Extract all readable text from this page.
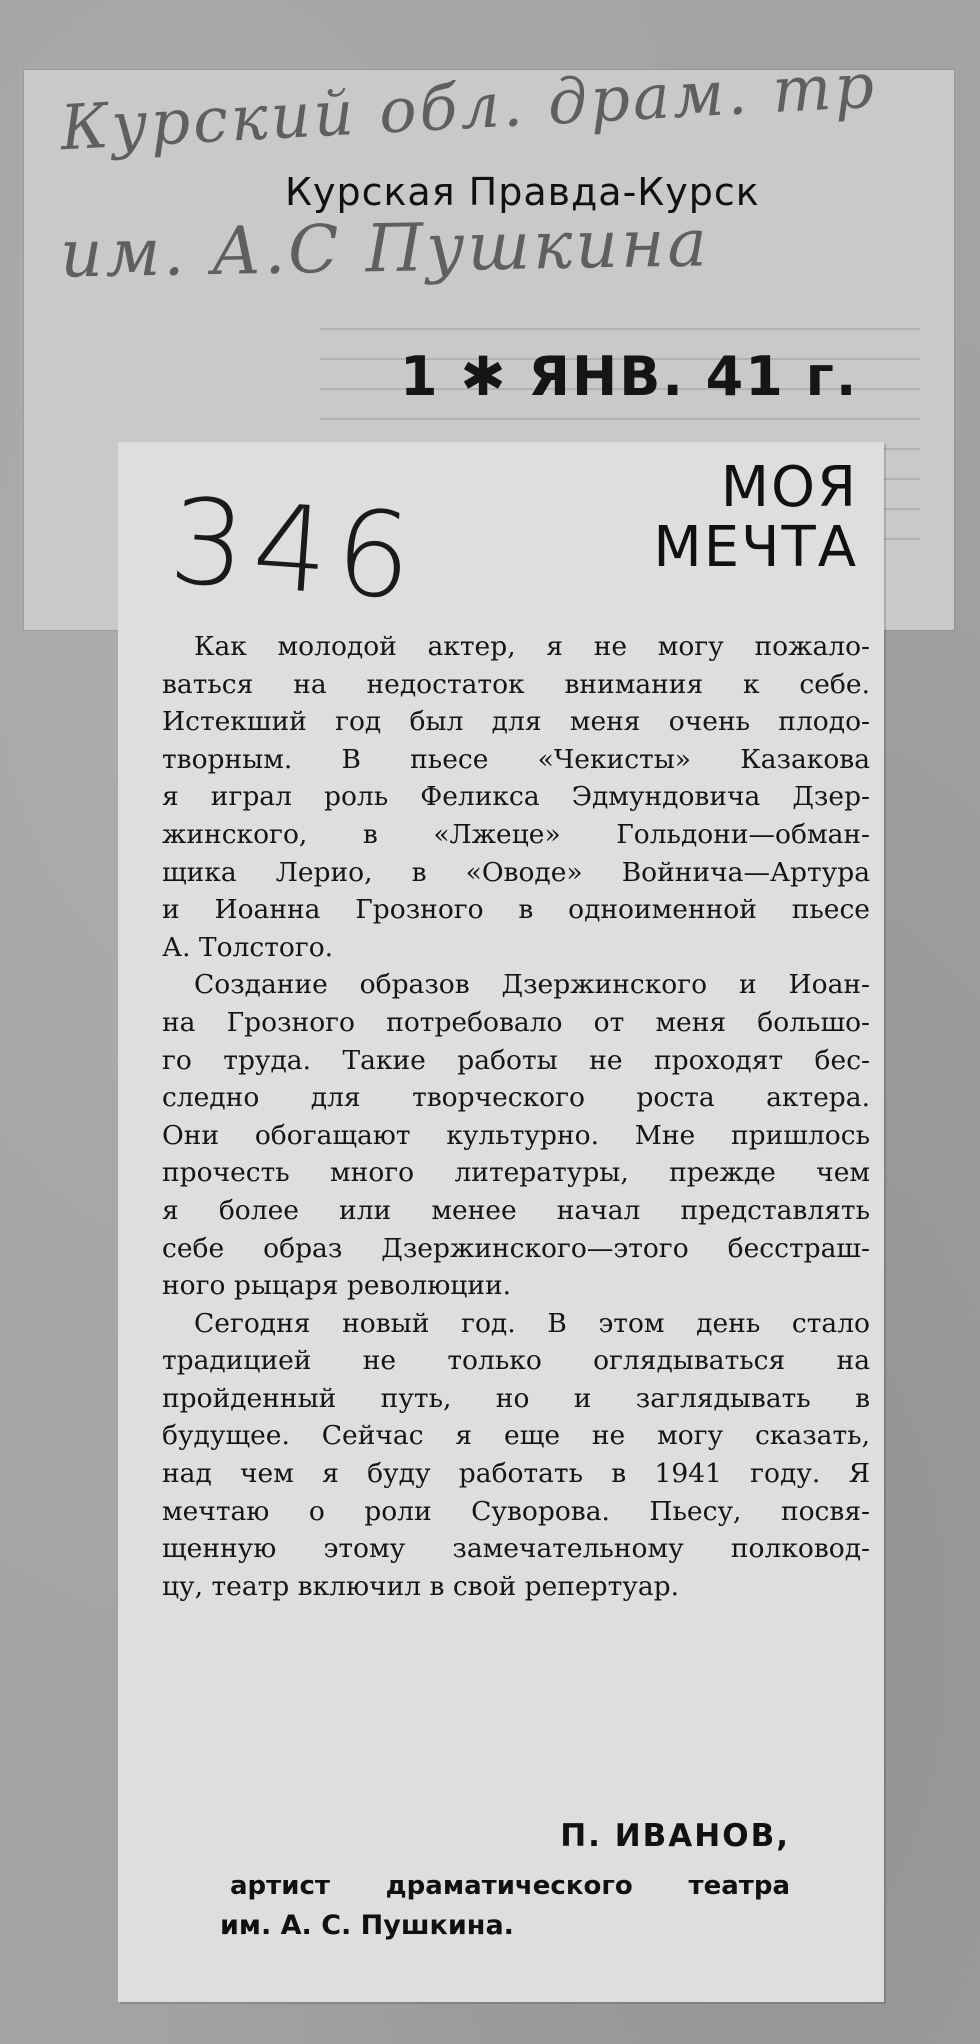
Курский обл. драм. тр
им. А.С Пушкина
Курская Правда-Курск
1 ✱ ЯНВ. 41 г.
346	МОЯ
МЕЧТА

Как молодой актер, я не могу пожало-
ваться на недостаток внимания к себе.
Истекший год был для меня очень плодо-
творным. В пьесе «Чекисты» Казакова
я играл роль Феликса Эдмундовича Дзер-
жинского, в «Лжеце» Гольдони—обман-
щика Лерио, в «Оводе» Войнича—Артура
и Иоанна Грозного в одноименной пьесе
А. Толстого.

Создание образов Дзержинского и Иоан-
на Грозного потребовало от меня большо-
го труда. Такие работы не проходят бес-
следно для творческого роста актера.
Они обогащают культурно. Мне пришлось
прочесть много литературы, прежде чем
я более или менее начал представлять
себе образ Дзержинского—этого бесстраш-
ного рыцаря революции.

Сегодня новый год. В этом день стало
традицией не только оглядываться на
пройденный путь, но и заглядывать в
будущее. Сейчас я еще не могу сказать,
над чем я буду работать в 1941 году. Я
мечтаю о роли Суворова. Пьесу, посвя-
щенную этому замечательному полковод-
цу, театр включил в свой репертуар.

П. ИВАНОВ,
артист драматического театра
им. А. С. Пушкина.
